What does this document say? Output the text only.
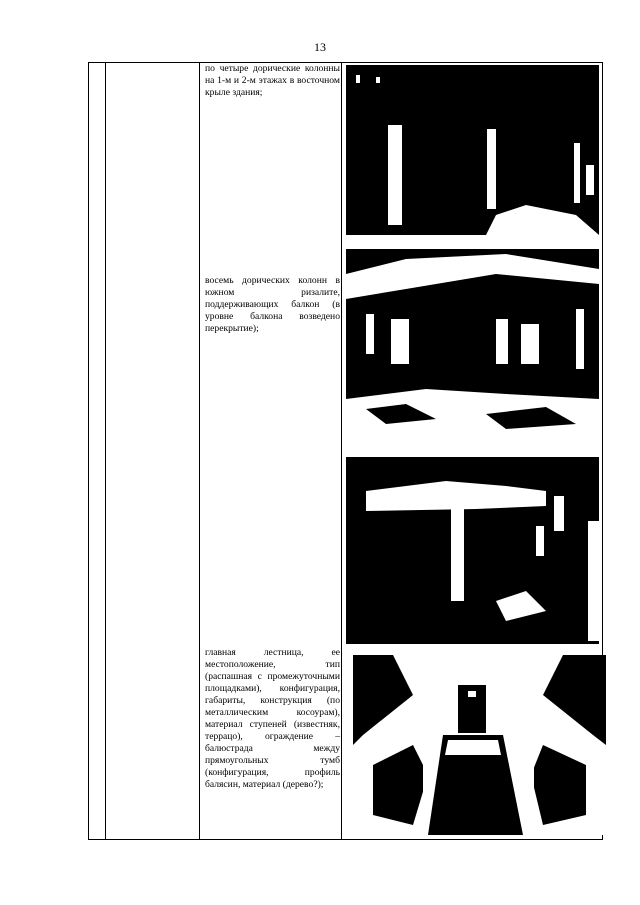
13
по четыре дорические колонны на 1-м и 2-м этажах в восточном крыле здания;
восемь дорических колонн в южном ризалите, поддерживающих балкон (в уровне балкона возведено перекрытие);
главная лестница, ее местоположение, тип (распашная с промежуточными площадками), конфигурация, габариты, конструкция (по металлическим косоурам), материал ступеней (известняк, террацо), ограждение – балюстрада между прямоугольных тумб (конфигурация, профиль балясин, материал (дерево?);
